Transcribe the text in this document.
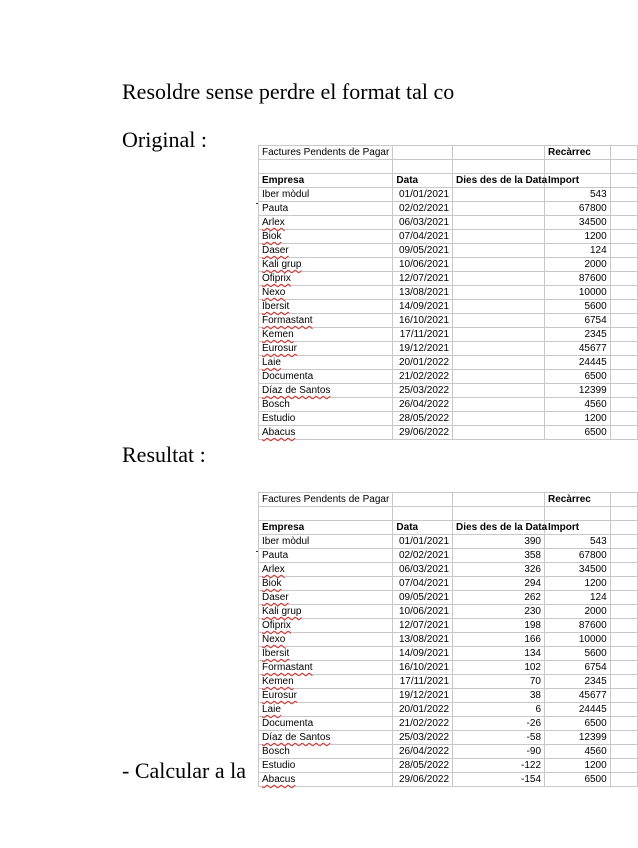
Resoldre sense perdre el format tal co
Original :
Resultat :
Factures Pendents de Pagar			Recàrrec	

Empresa	Data	Dies des de la Data	Import	
Iber mòdul	01/01/2021		543	
Pauta	02/02/2021		67800	
Arlex	06/03/2021		34500	
Biok	07/04/2021		1200	
Daser	09/05/2021		124	
Kali grup	10/06/2021		2000	
Ofiprix	12/07/2021		87600	
Nexo	13/08/2021		10000	
Ibersit	14/09/2021		5600	
Formastant	16/10/2021		6754	
Kemen	17/11/2021		2345	
Eurosur	19/12/2021		45677	
Laie	20/01/2022		24445	
Documenta	21/02/2022		6500	
Díaz de Santos	25/03/2022		12399	
Bosch	26/04/2022		4560	
Estudio	28/05/2022		1200	
Abacus	29/06/2022		6500	
Factures Pendents de Pagar			Recàrrec	

Empresa	Data	Dies des de la Data	Import	
Iber mòdul	01/01/2021	390	543	
Pauta	02/02/2021	358	67800	
Arlex	06/03/2021	326	34500	
Biok	07/04/2021	294	1200	
Daser	09/05/2021	262	124	
Kali grup	10/06/2021	230	2000	
Ofiprix	12/07/2021	198	87600	
Nexo	13/08/2021	166	10000	
Ibersit	14/09/2021	134	5600	
Formastant	16/10/2021	102	6754	
Kemen	17/11/2021	70	2345	
Eurosur	19/12/2021	38	45677	
Laie	20/01/2022	6	24445	
Documenta	21/02/2022	-26	6500	
Díaz de Santos	25/03/2022	-58	12399	
Bosch	26/04/2022	-90	4560	
Estudio	28/05/2022	-122	1200	
Abacus	29/06/2022	-154	6500	
- Calcular a la
